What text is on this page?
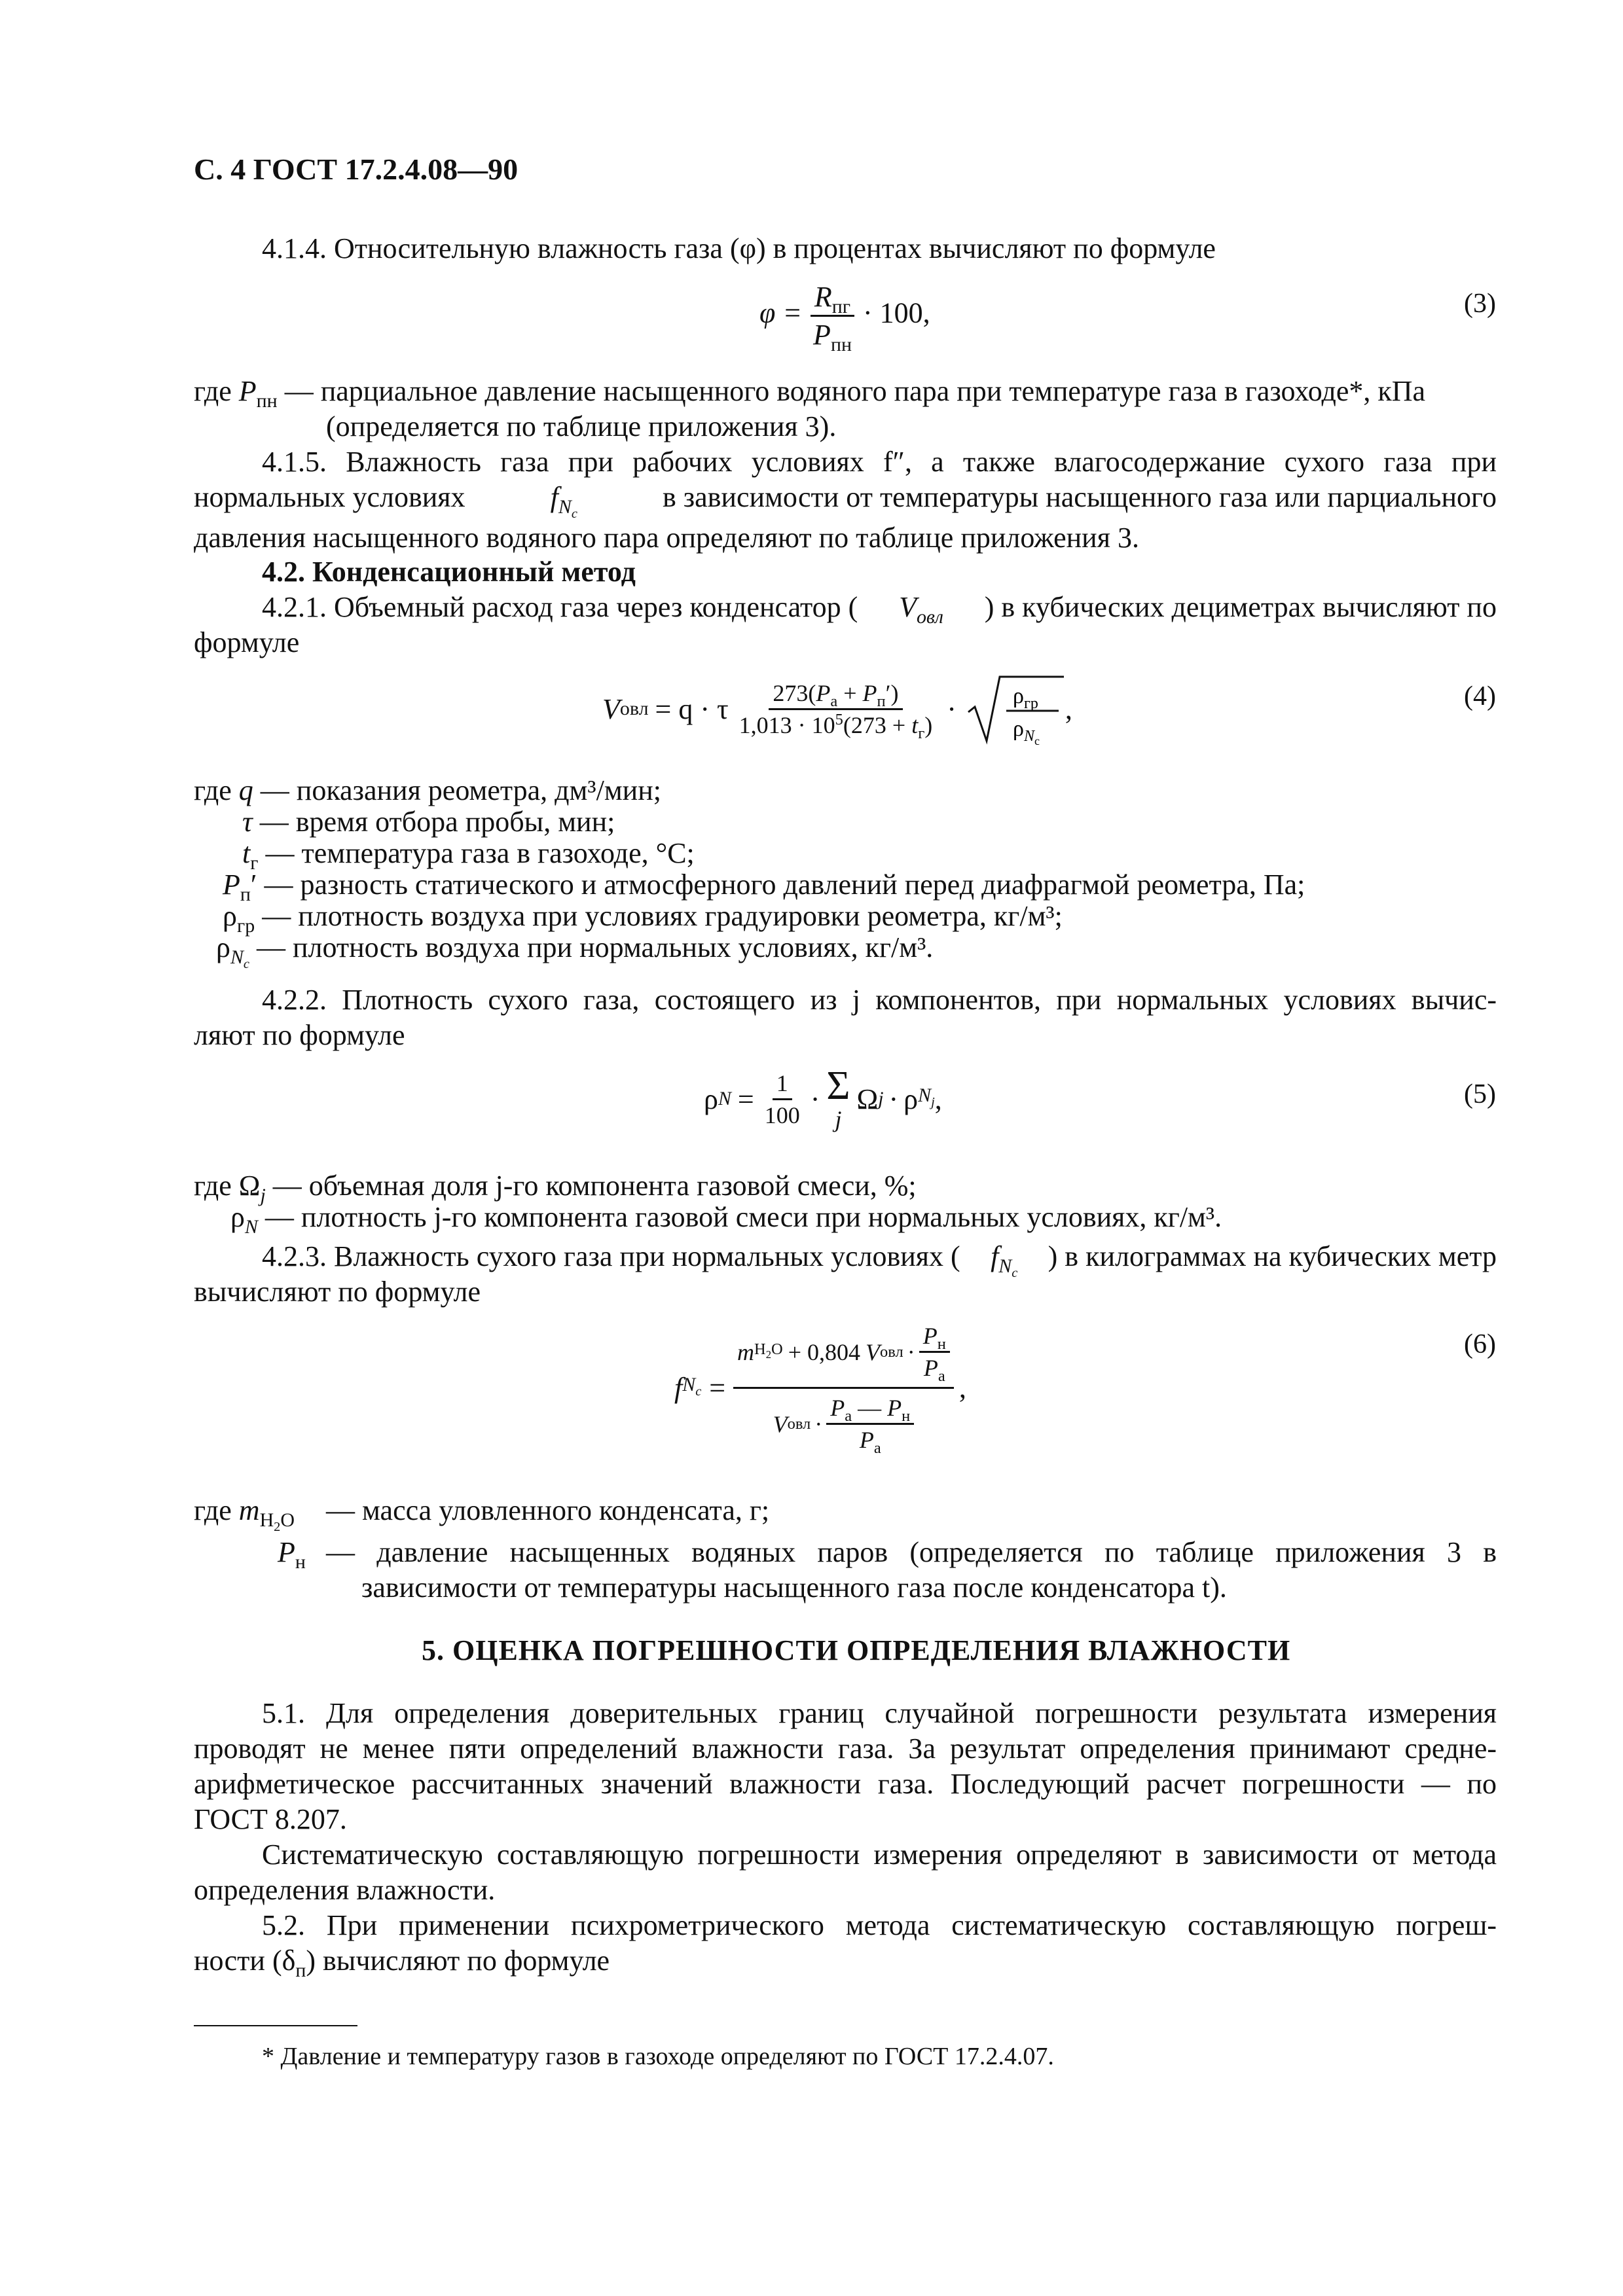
С. 4 ГОСТ 17.2.4.08—90
4.1.4. Относительную влажность газа (φ) в процентах вычисляют по формуле
$\varphi = \frac{R_{пг}}{P_{пн}} \cdot 100$,	(3)
где $P_{пн}$ — парциальное давление насыщенного водяного пара при температуре газа в газоходе*, кПа
(определяется по таблице приложения 3).
4.1.5. Влажность газа при рабочих условиях f″, а также влагосодержание сухого газа при
нормальных условиях	$f_{N_c}$
в зависимости от температуры насыщенного газа или парциального
давления насыщенного водяного пара определяют по таблице приложения 3.
4.2. Конденсационный метод
4.2.1. Объемный расход газа через конденсатор ( $V_{овл}$ ) в кубических дециметрах вычисляют по
формуле
V овл = q · τ $\frac{273(P_а + P_п')}{1,013 \cdot 10^5(273 + t_г)}$ ·	$\rho_{гр}$
$\rho_Nc$
,	(4)
где q — показания реометра, дм³/мин;
τ — время отбора пробы, мин;
$t_г$ — температура газа в газоходе, °С;
$P_п'$ — разность статического и атмосферного давлений перед диафрагмой реометра, Па;
$\rho_{гр}$ — плотность воздуха при условиях градуировки реометра, кг/м³;
$\rho_{N_c}$ — плотность воздуха при нормальных условиях, кг/м³.
4.2.2. Плотность сухого газа, состоящего из j компонентов, при нормальных условиях вычис-
ляют по формуле
ρ $N = \frac{1}{100} \cdot \Sigma$
j
Ω j · ρ $N_j$ ,	(5)
где $\Omega_j$ — объемная доля j-го компонента газовой смеси, %;
$\rho_N$ — плотность j-го компонента газовой смеси при нормальных условиях, кг/м³.
4.2.3. Влажность сухого газа при нормальных условиях ( $f_{N_c}$
) в килограммах на кубических метр
вычисляют по формуле
f $N_c = \frac{m H_2O + 0,804 V овл \cdot \frac{P_н}{P_а}}{V овл \cdot \frac{P_а — P_н}{P_а}}$ ,
(6)
где $m_{H_2O}$ — масса уловленного конденсата, г;
$P_н$ — давление насыщенных водяных паров (определяется по таблице приложения 3 в
зависимости от температуры насыщенного газа после конденсатора t).
5. ОЦЕНКА ПОГРЕШНОСТИ ОПРЕДЕЛЕНИЯ ВЛАЖНОСТИ
5.1. Для определения доверительных границ случайной погрешности результата измерения
проводят не менее пяти определений влажности газа. За результат определения принимают средне-
арифметическое рассчитанных значений влажности газа. Последующий расчет погрешности — по
ГОСТ 8.207.
Систематическую составляющую погрешности измерения определяют в зависимости от метода
определения влажности.
5.2. При применении психрометрического метода систематическую составляющую погреш-
ности $(\delta_п)$ вычисляют по формуле
* Давление и температуру газов в газоходе определяют по ГОСТ 17.2.4.07.
